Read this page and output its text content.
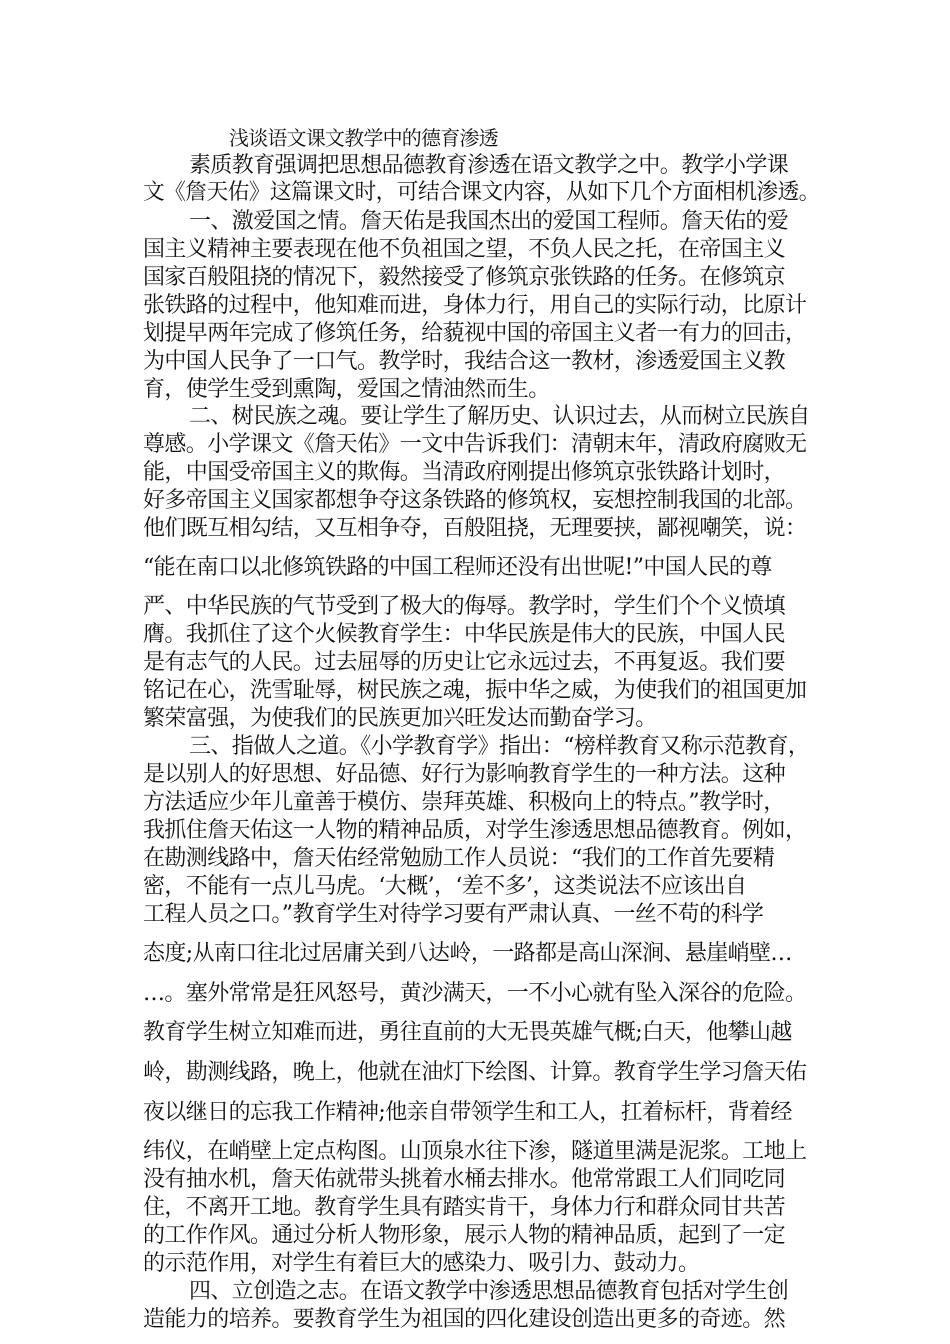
浅谈语文课文教学中的德育渗透
素质教育强调把思想品德教育渗透在语文教学之中。教学小学课
文《詹天佑》这篇课文时，可结合课文内容，从如下几个方面相机渗透。
一、激爱国之情。詹天佑是我国杰出的爱国工程师。詹天佑的爱
国主义精神主要表现在他不负祖国之望，不负人民之托，在帝国主义
国家百般阻挠的情况下，毅然接受了修筑京张铁路的任务。在修筑京
张铁路的过程中，他知难而进，身体力行，用自己的实际行动，比原计
划提早两年完成了修筑任务，给藐视中国的帝国主义者一有力的回击，
为中国人民争了一口气。教学时，我结合这一教材，渗透爱国主义教
育，使学生受到熏陶，爱国之情油然而生。
二、树民族之魂。要让学生了解历史、认识过去，从而树立民族自
尊感。小学课文《詹天佑》一文中告诉我们：清朝末年，清政府腐败无
能，中国受帝国主义的欺侮。当清政府刚提出修筑京张铁路计划时，
好多帝国主义国家都想争夺这条铁路的修筑权，妄想控制我国的北部。
他们既互相勾结，又互相争夺，百般阻挠，无理要挟，鄙视嘲笑，说：
“能在南口以北修筑铁路的中国工程师还没有出世呢!”中国人民的尊
严、中华民族的气节受到了极大的侮辱。教学时，学生们个个义愤填
膺。我抓住了这个火候教育学生：中华民族是伟大的民族，中国人民
是有志气的人民。过去屈辱的历史让它永远过去，不再复返。我们要
铭记在心，洗雪耻辱，树民族之魂，振中华之威，为使我们的祖国更加
繁荣富强，为使我们的民族更加兴旺发达而勤奋学习。
三、指做人之道。《小学教育学》指出：“榜样教育又称示范教育，
是以别人的好思想、好品德、好行为影响教育学生的一种方法。这种
方法适应少年儿童善于模仿、崇拜英雄、积极向上的特点。”教学时，
我抓住詹天佑这一人物的精神品质，对学生渗透思想品德教育。例如，
在勘测线路中，詹天佑经常勉励工作人员说：“我们的工作首先要精
密，不能有一点儿马虎。‘大概’，‘差不多’，这类说法不应该出自
工程人员之口。”教育学生对待学习要有严肃认真、一丝不苟的科学
态度;从南口往北过居庸关到八达岭，一路都是高山深涧、悬崖峭壁…
…。塞外常常是狂风怒号，黄沙满天，一不小心就有坠入深谷的危险。
教育学生树立知难而进，勇往直前的大无畏英雄气概;白天，他攀山越
岭，勘测线路，晚上，他就在油灯下绘图、计算。教育学生学习詹天佑
夜以继日的忘我工作精神;他亲自带领学生和工人，扛着标杆，背着经
纬仪，在峭壁上定点构图。山顶泉水往下渗，隧道里满是泥浆。工地上
没有抽水机，詹天佑就带头挑着水桶去排水。他常常跟工人们同吃同
住，不离开工地。教育学生具有踏实肯干，身体力行和群众同甘共苦
的工作作风。通过分析人物形象，展示人物的精神品质，起到了一定
的示范作用，对学生有着巨大的感染力、吸引力、鼓动力。
四、立创造之志。在语文教学中渗透思想品德教育包括对学生创
造能力的培养。要教育学生为祖国的四化建设创造出更多的奇迹。然
